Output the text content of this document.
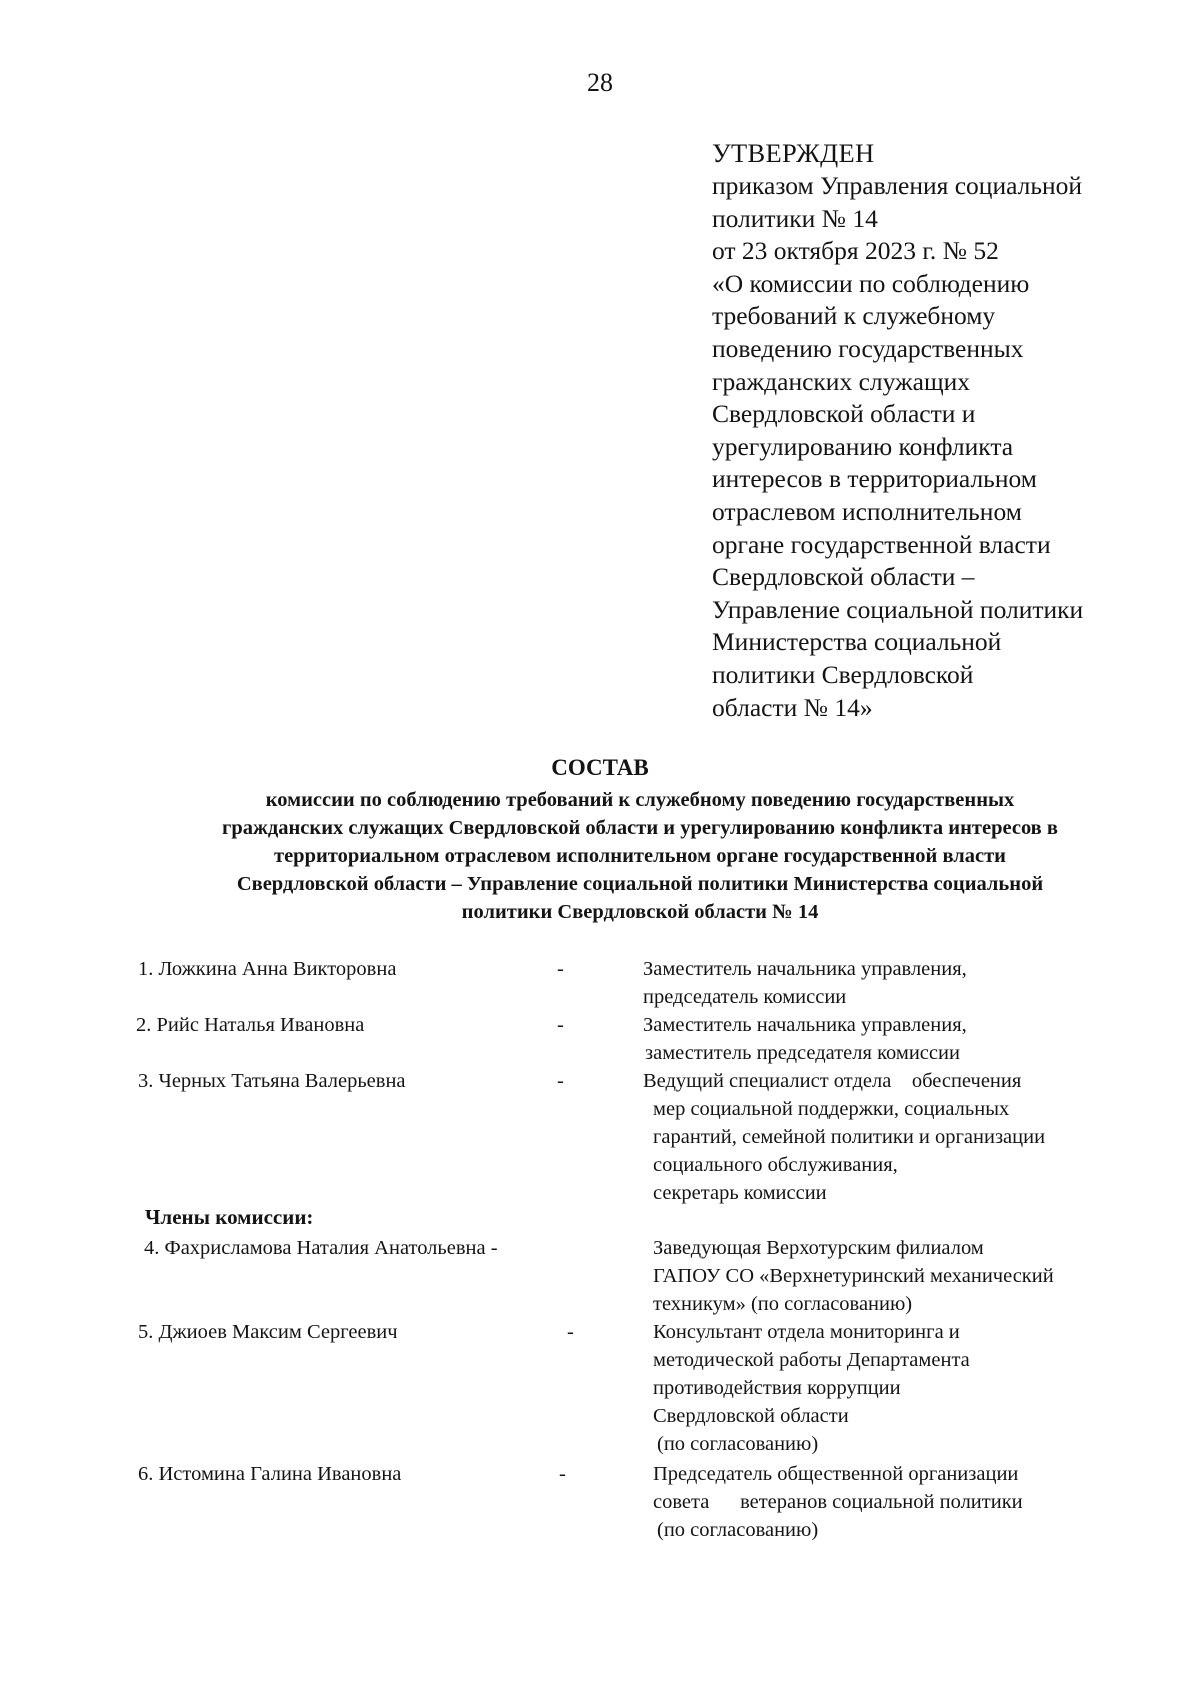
28
УТВЕРЖДЕН
приказом Управления социальной
политики № 14
от 23 октября 2023 г. № 52
«О комиссии по соблюдению
требований к служебному
поведению государственных
гражданских служащих
Свердловской области и
урегулированию конфликта
интересов в территориальном
отраслевом исполнительном
органе государственной власти
Свердловской области –
Управление социальной политики
Министерства социальной
политики Свердловской
области № 14»
СОСТАВ
комиссии по соблюдению требований к служебному поведению государственных
гражданских служащих Свердловской области и урегулированию конфликта интересов в
территориальном отраслевом исполнительном органе государственной власти
Свердловской области – Управление социальной политики Министерства социальной
политики Свердловской области № 14
1. Ложкина Анна Викторовна	-	Заместитель начальника управления,
председатель комиссии
2. Рийс Наталья Ивановна	-	Заместитель начальника управления,
заместитель председателя комиссии
3. Черных Татьяна Валерьевна	-	Ведущий специалист отдела    обеспечения
мер социальной поддержки, социальных
гарантий, семейной политики и организации
социального обслуживания,
секретарь комиссии
Члены комиссии:
4. Фахрисламова Наталия Анатольевна -	Заведующая Верхотурским филиалом
ГАПОУ СО «Верхнетуринский механический
техникум» (по согласованию)
5. Джиоев Максим Сергеевич	-	Консультант отдела мониторинга и
методической работы Департамента
противодействия коррупции
Свердловской области
(по согласованию)
6. Истомина Галина Ивановна	-	Председатель общественной организации
совета      ветеранов социальной политики
(по согласованию)
